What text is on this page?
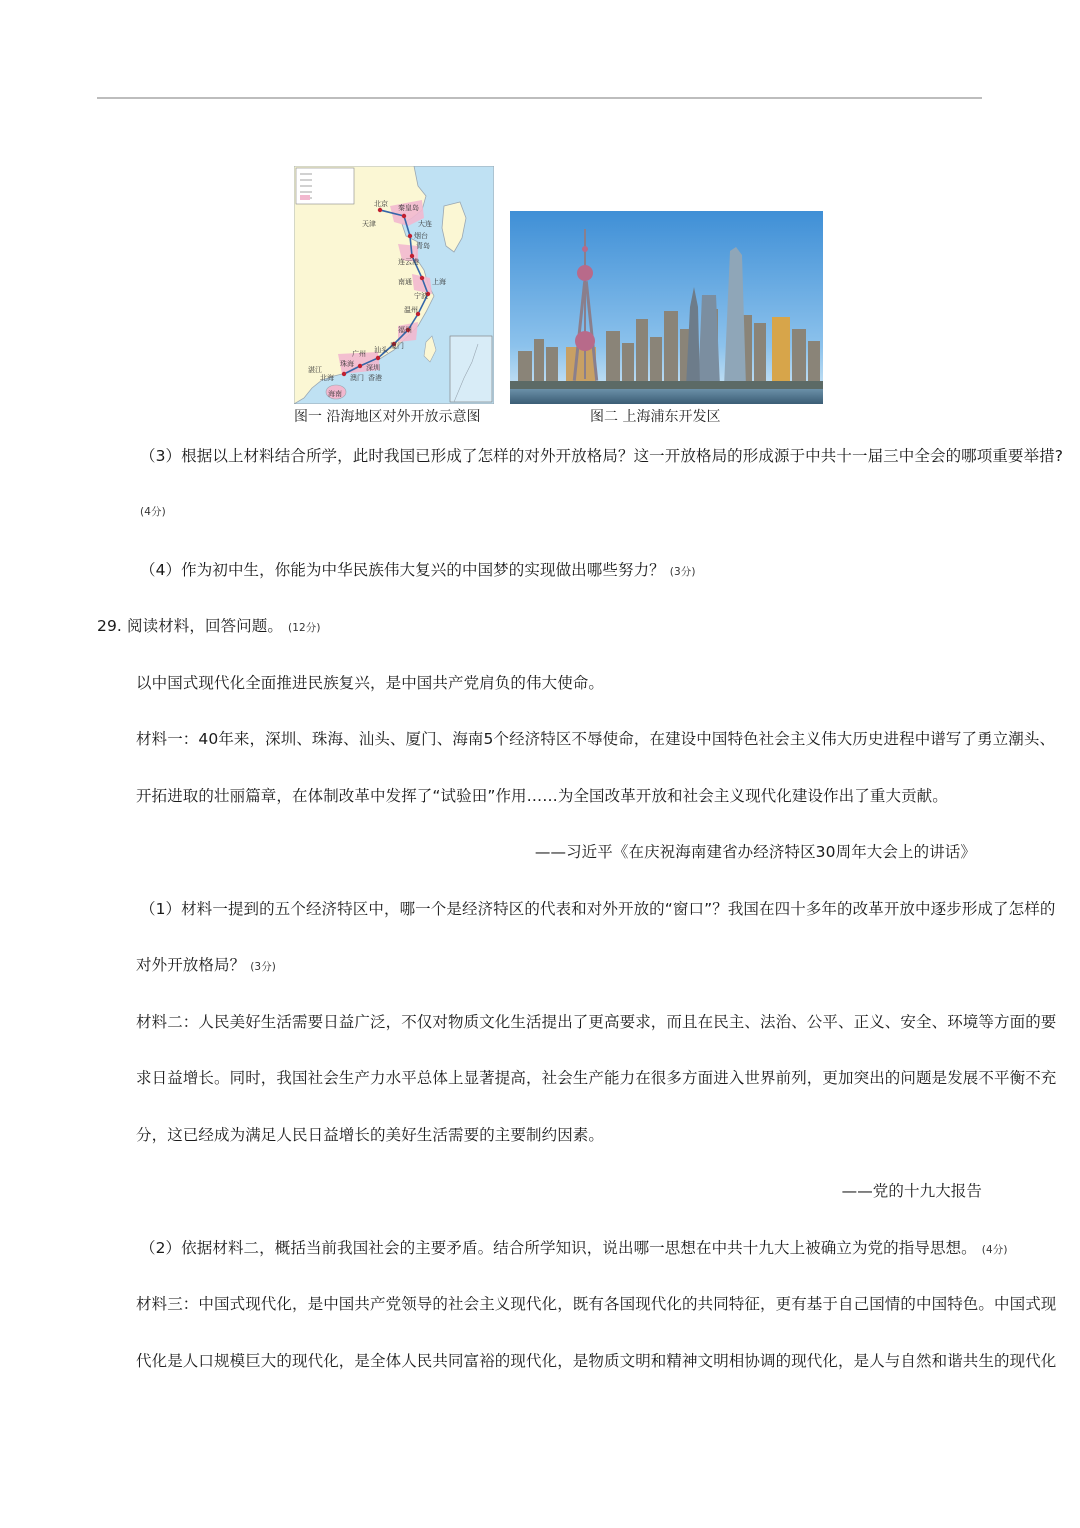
北京
天津
秦皇岛
大连
烟台
青岛
连云港
南通	上海
宁波
温州
福州
厦门
广州
深圳
珠海
汕头
香港
澳门
湛江
北海
海南
图一 沿海地区对外开放示意图	图二 上海浦东开发区
（3）根据以上材料结合所学，此时我国已形成了怎样的对外开放格局？这一开放格局的形成源于中共十一届三中全会的哪项重要举措?
(4分)
（4）作为初中生，你能为中华民族伟大复兴的中国梦的实现做出哪些努力？ (3分)
29. 阅读材料，回答问题。 (12分)
以中国式现代化全面推进民族复兴，是中国共产党肩负的伟大使命。
材料一：40年来，深圳、珠海、汕头、厦门、海南5个经济特区不辱使命，在建设中国特色社会主义伟大历史进程中谱写了勇立潮头、
开拓进取的壮丽篇章，在体制改革中发挥了“试验田”作用……为全国改革开放和社会主义现代化建设作出了重大贡献。
——习近平《在庆祝海南建省办经济特区30周年大会上的讲话》
（1）材料一提到的五个经济特区中，哪一个是经济特区的代表和对外开放的“窗口”？我国在四十多年的改革开放中逐步形成了怎样的
对外开放格局？ (3分)
材料二：人民美好生活需要日益广泛，不仅对物质文化生活提出了更高要求，而且在民主、法治、公平、正义、安全、环境等方面的要
求日益增长。同时，我国社会生产力水平总体上显著提高，社会生产能力在很多方面进入世界前列，更加突出的问题是发展不平衡不充
分，这已经成为满足人民日益增长的美好生活需要的主要制约因素。
——党的十九大报告
（2）依据材料二，概括当前我国社会的主要矛盾。结合所学知识，说出哪一思想在中共十九大上被确立为党的指导思想。 (4分)
材料三：中国式现代化，是中国共产党领导的社会主义现代化，既有各国现代化的共同特征，更有基于自己国情的中国特色。中国式现
代化是人口规模巨大的现代化，是全体人民共同富裕的现代化，是物质文明和精神文明相协调的现代化，是人与自然和谐共生的现代化
